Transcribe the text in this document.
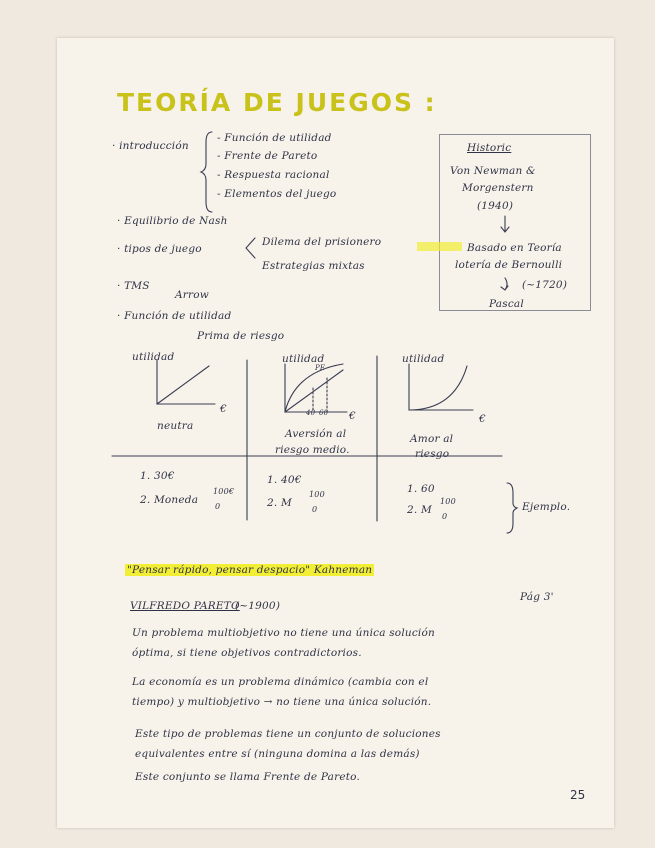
TEORÍA DE JUEGOS :
· introducción
- Función de utilidad
- Frente de Pareto
- Respuesta racional
- Elementos del juego
Historic
Von Newman &
Morgenstern
(1940)
Basado en Teoría
lotería de Bernoulli
(~1720)
Pascal
· Equilibrio de Nash
· tipos de juego
Dilema del prisionero
Estrategias mixtas
· TMS
Arrow
· Función de utilidad
Prima de riesgo
utilidad
€
neutra
utilidad
PE
40 60 €
Aversión al
riesgo medio.
utilidad
€
Amor al
riesgo
1. 30€
2. Moneda
100€
0
1. 40€
2. M
100
0
1. 60
2. M
100
0
Ejemplo.
"Pensar rápido, pensar despacio" Kahneman
VILFREDO PARETO
(~1900)
Pág 3'
Un problema multiobjetivo no tiene una única solución
óptima, si tiene objetivos contradictorios.
La economía es un problema dinámico (cambia con el
tiempo) y multiobjetivo → no tiene una única solución.
Este tipo de problemas tiene un conjunto de soluciones
equivalentes entre sí (ninguna domina a las demás)
Este conjunto se llama Frente de Pareto.
25
